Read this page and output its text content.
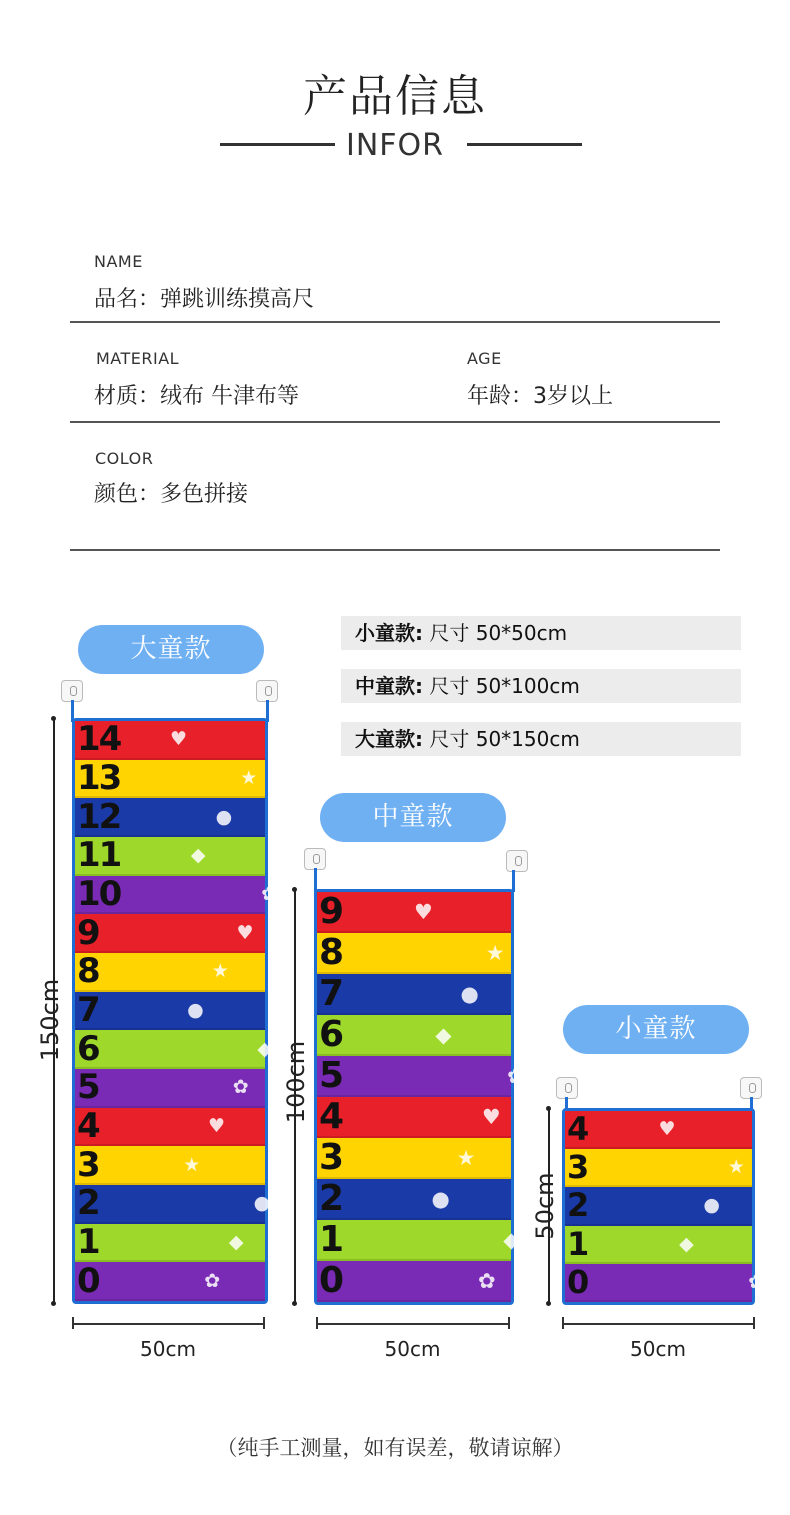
产品信息
INFOR
NAME
品名：弹跳训练摸高尺
MATERIAL
材质：绒布 牛津布等
AGE
年龄：3岁以上
COLOR
颜色：多色拼接
小童款: 尺寸 50*50cm
中童款: 尺寸 50*100cm
大童款: 尺寸 50*150cm
大童款
14	♥
13	★
12	●
11	◆
10	✿
9	♥
8	★
7	●
6	◆
5	✿
4	♥
3	★
2	●
1	◆
0	✿
150cm
50cm
中童款
9	♥
8	★
7	●
6	◆
5	✿
4	♥
3	★
2	●
1	◆
0	✿
100cm
50cm
小童款
4	♥
3	★
2	●
1	◆
0	✿
50cm
50cm
（纯手工测量，如有误差，敬请谅解）
